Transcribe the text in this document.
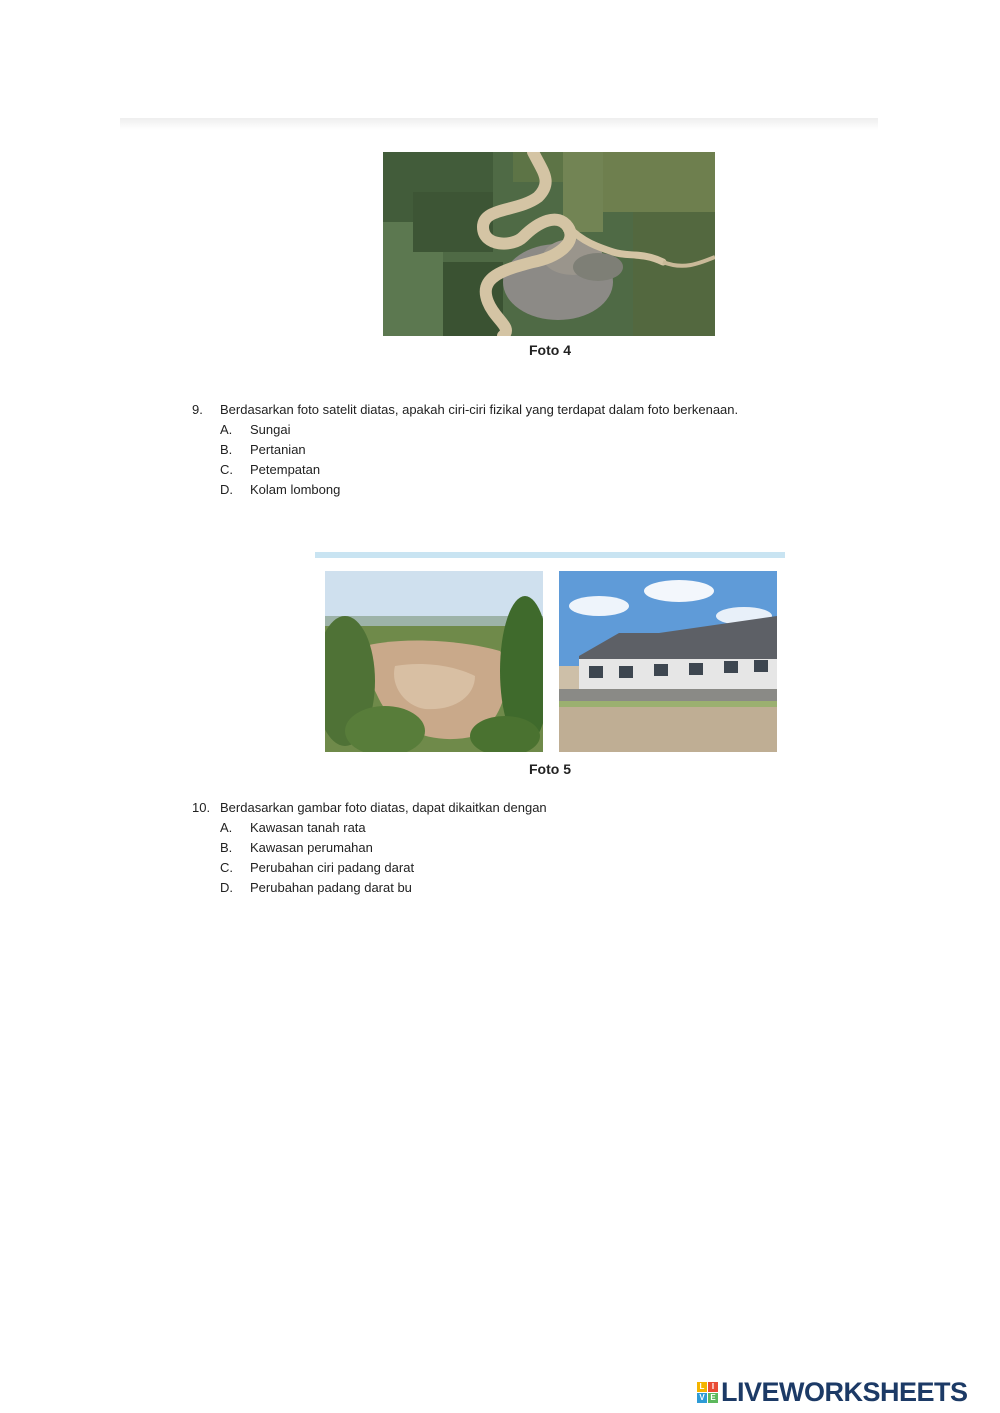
Foto 4
9. Berdasarkan foto satelit diatas, apakah ciri-ciri fizikal yang terdapat dalam foto berkenaan.
A. Sungai
B. Pertanian
C. Petempatan
D. Kolam lombong
Foto 5
10. Berdasarkan gambar foto diatas, dapat dikaitkan dengan
A. Kawasan tanah rata
B. Kawasan perumahan
C. Perubahan ciri padang darat
D. Perubahan padang darat bu
L I
V E LIVEWORKSHEETS
